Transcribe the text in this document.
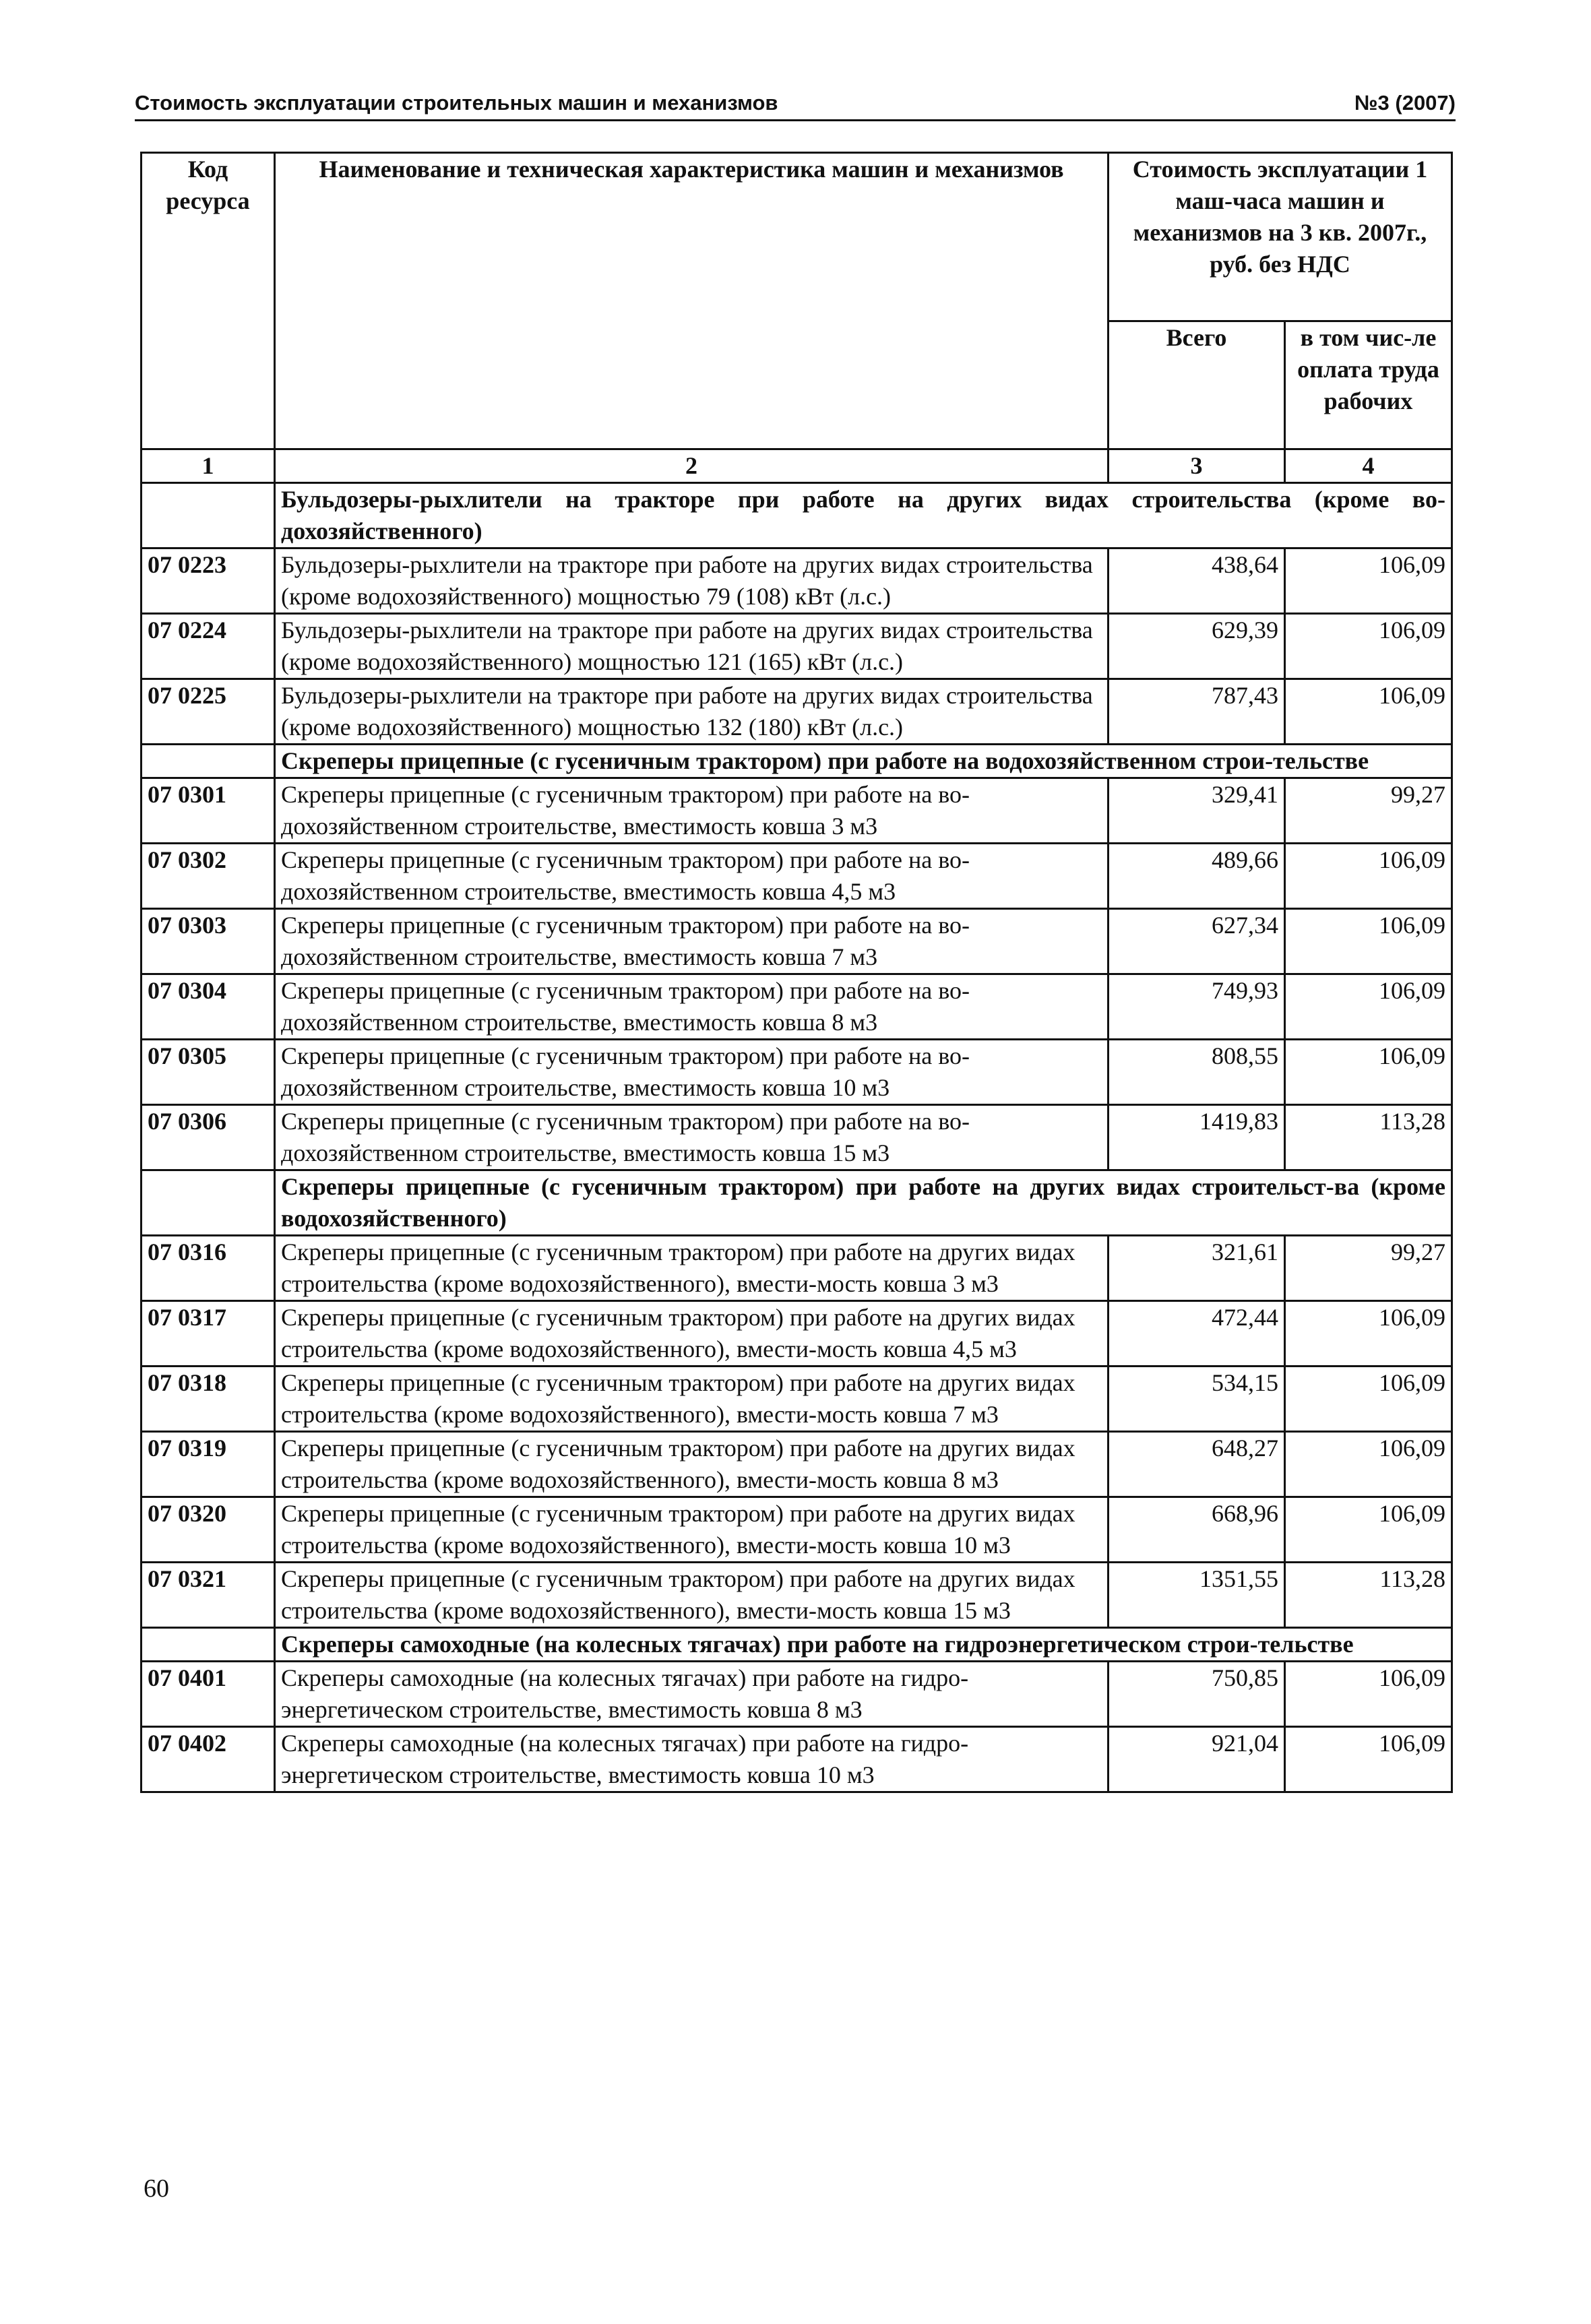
Стоимость эксплуатации строительных машин и механизмов	№3 (2007)
Код ресурса	Наименование и техническая характеристика машин и механизмов	Стоимость эксплуатации 1 маш-часа машин и механизмов на 3 кв. 2007г., руб. без НДС	
		Всего	в том чис-ле оплата труда рабочих
1	2	3	4
	Бульдозеры-рыхлители на тракторе при работе на других видах строительства (кроме во-дохозяйственного)		
07 0223	Бульдозеры-рыхлители на тракторе при работе на других видах строительства (кроме водохозяйственного) мощностью 79 (108) кВт (л.с.)	438,64	106,09
07 0224	Бульдозеры-рыхлители на тракторе при работе на других видах строительства (кроме водохозяйственного) мощностью 121 (165) кВт (л.с.)	629,39	106,09
07 0225	Бульдозеры-рыхлители на тракторе при работе на других видах строительства (кроме водохозяйственного) мощностью 132 (180) кВт (л.с.)	787,43	106,09
	Скреперы прицепные (с гусеничным трактором) при работе на водохозяйственном строи-тельстве		
07 0301	Скреперы прицепные (с гусеничным трактором) при работе на во-дохозяйственном строительстве, вместимость ковша 3 м3	329,41	99,27
07 0302	Скреперы прицепные (с гусеничным трактором) при работе на во-дохозяйственном строительстве, вместимость ковша 4,5 м3	489,66	106,09
07 0303	Скреперы прицепные (с гусеничным трактором) при работе на во-дохозяйственном строительстве, вместимость ковша 7 м3	627,34	106,09
07 0304	Скреперы прицепные (с гусеничным трактором) при работе на во-дохозяйственном строительстве, вместимость ковша 8 м3	749,93	106,09
07 0305	Скреперы прицепные (с гусеничным трактором) при работе на во-дохозяйственном строительстве, вместимость ковша 10 м3	808,55	106,09
07 0306	Скреперы прицепные (с гусеничным трактором) при работе на во-дохозяйственном строительстве, вместимость ковша 15 м3	1419,83	113,28
	Скреперы прицепные (с гусеничным трактором) при работе на других видах строительст-ва (кроме водохозяйственного)		
07 0316	Скреперы прицепные (с гусеничным трактором) при работе на других видах строительства (кроме водохозяйственного), вмести-мость ковша 3 м3	321,61	99,27
07 0317	Скреперы прицепные (с гусеничным трактором) при работе на других видах строительства (кроме водохозяйственного), вмести-мость ковша 4,5 м3	472,44	106,09
07 0318	Скреперы прицепные (с гусеничным трактором) при работе на других видах строительства (кроме водохозяйственного), вмести-мость ковша 7 м3	534,15	106,09
07 0319	Скреперы прицепные (с гусеничным трактором) при работе на других видах строительства (кроме водохозяйственного), вмести-мость ковша 8 м3	648,27	106,09
07 0320	Скреперы прицепные (с гусеничным трактором) при работе на других видах строительства (кроме водохозяйственного), вмести-мость ковша 10 м3	668,96	106,09
07 0321	Скреперы прицепные (с гусеничным трактором) при работе на других видах строительства (кроме водохозяйственного), вмести-мость ковша 15 м3	1351,55	113,28
	Скреперы самоходные (на колесных тягачах) при работе на гидроэнергетическом строи-тельстве		
07 0401	Скреперы самоходные (на колесных тягачах) при работе на гидро-энергетическом строительстве, вместимость ковша 8 м3	750,85	106,09
07 0402	Скреперы самоходные (на колесных тягачах) при работе на гидро-энергетическом строительстве, вместимость ковша 10 м3	921,04	106,09
60
